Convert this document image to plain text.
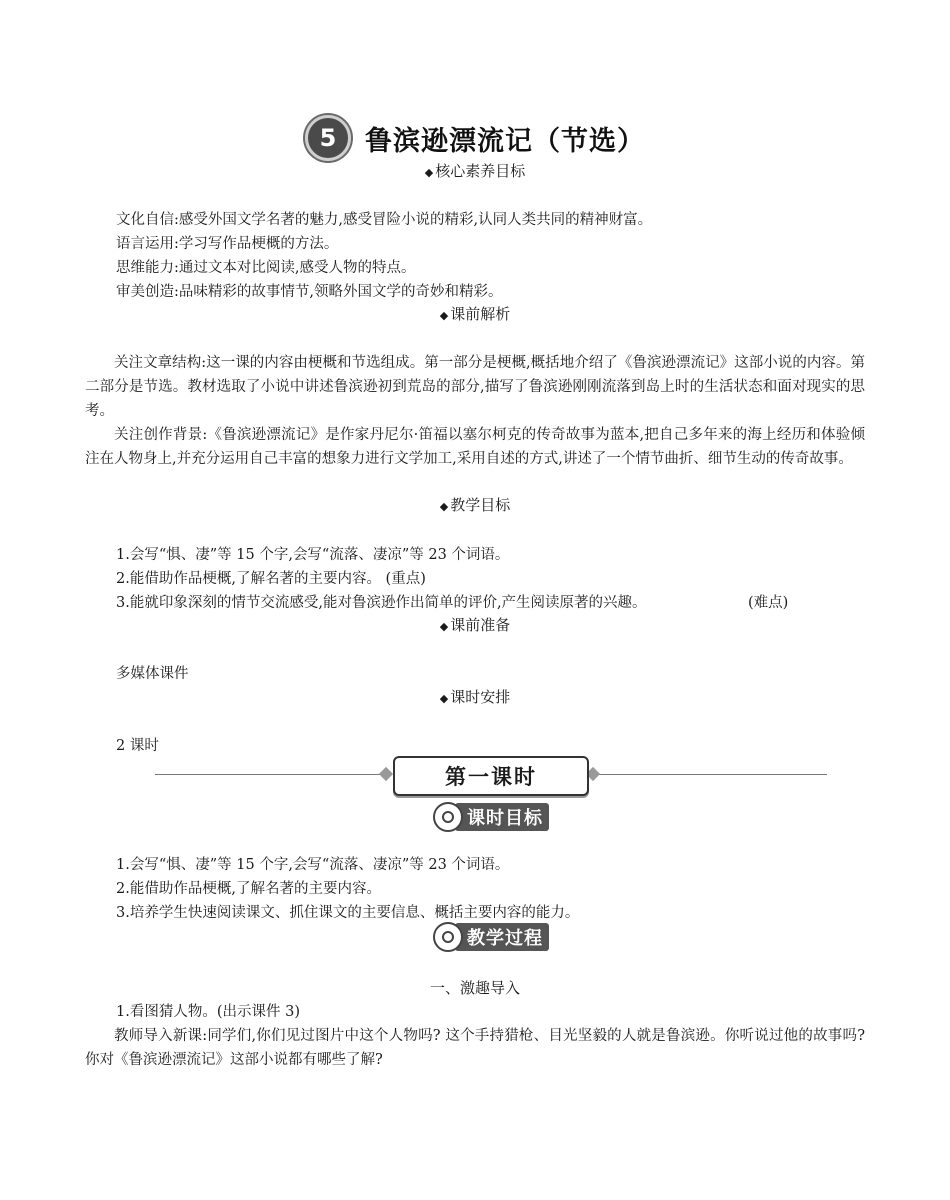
5	鲁滨逊漂流记（节选）
◆ 核心素养目标
文化自信:感受外国文学名著的魅力,感受冒险小说的精彩,认同人类共同的精神财富。
语言运用:学习写作品梗概的方法。
思维能力:通过文本对比阅读,感受人物的特点。
审美创造:品味精彩的故事情节,领略外国文学的奇妙和精彩。
◆ 课前解析

关注文章结构:这一课的内容由梗概和节选组成。第一部分是梗概,概括地介绍了《鲁滨逊漂流记》这部小说的内容。第二部分是节选。教材选取了小说中讲述鲁滨逊初到荒岛的部分,描写了鲁滨逊刚刚流落到岛上时的生活状态和面对现实的思考。

关注创作背景:《鲁滨逊漂流记》是作家丹尼尔·笛福以塞尔柯克的传奇故事为蓝本,把自己多年来的海上经历和体验倾注在人物身上,并充分运用自己丰富的想象力进行文学加工,采用自述的方式,讲述了一个情节曲折、细节生动的传奇故事。

◆ 教学目标
1.会写“惧、凄”等 15 个字,会写“流落、凄凉”等 23 个词语。
2.能借助作品梗概,了解名著的主要内容。 (重点)
3.能就印象深刻的情节交流感受,能对鲁滨逊作出简单的评价,产生阅读原著的兴趣。	(难点)
◆ 课前准备
多媒体课件
◆ 课时安排
2 课时
第一课时
课时目标
1.会写“惧、凄”等 15 个字,会写“流落、凄凉”等 23 个词语。
2.能借助作品梗概,了解名著的主要内容。
3.培养学生快速阅读课文、抓住课文的主要信息、概括主要内容的能力。
教学过程
一、激趣导入
1.看图猜人物。(出示课件 3)

教师导入新课:同学们,你们见过图片中这个人物吗? 这个手持猎枪、目光坚毅的人就是鲁滨逊。你听说过他的故事吗?你对《鲁滨逊漂流记》这部小说都有哪些了解?
